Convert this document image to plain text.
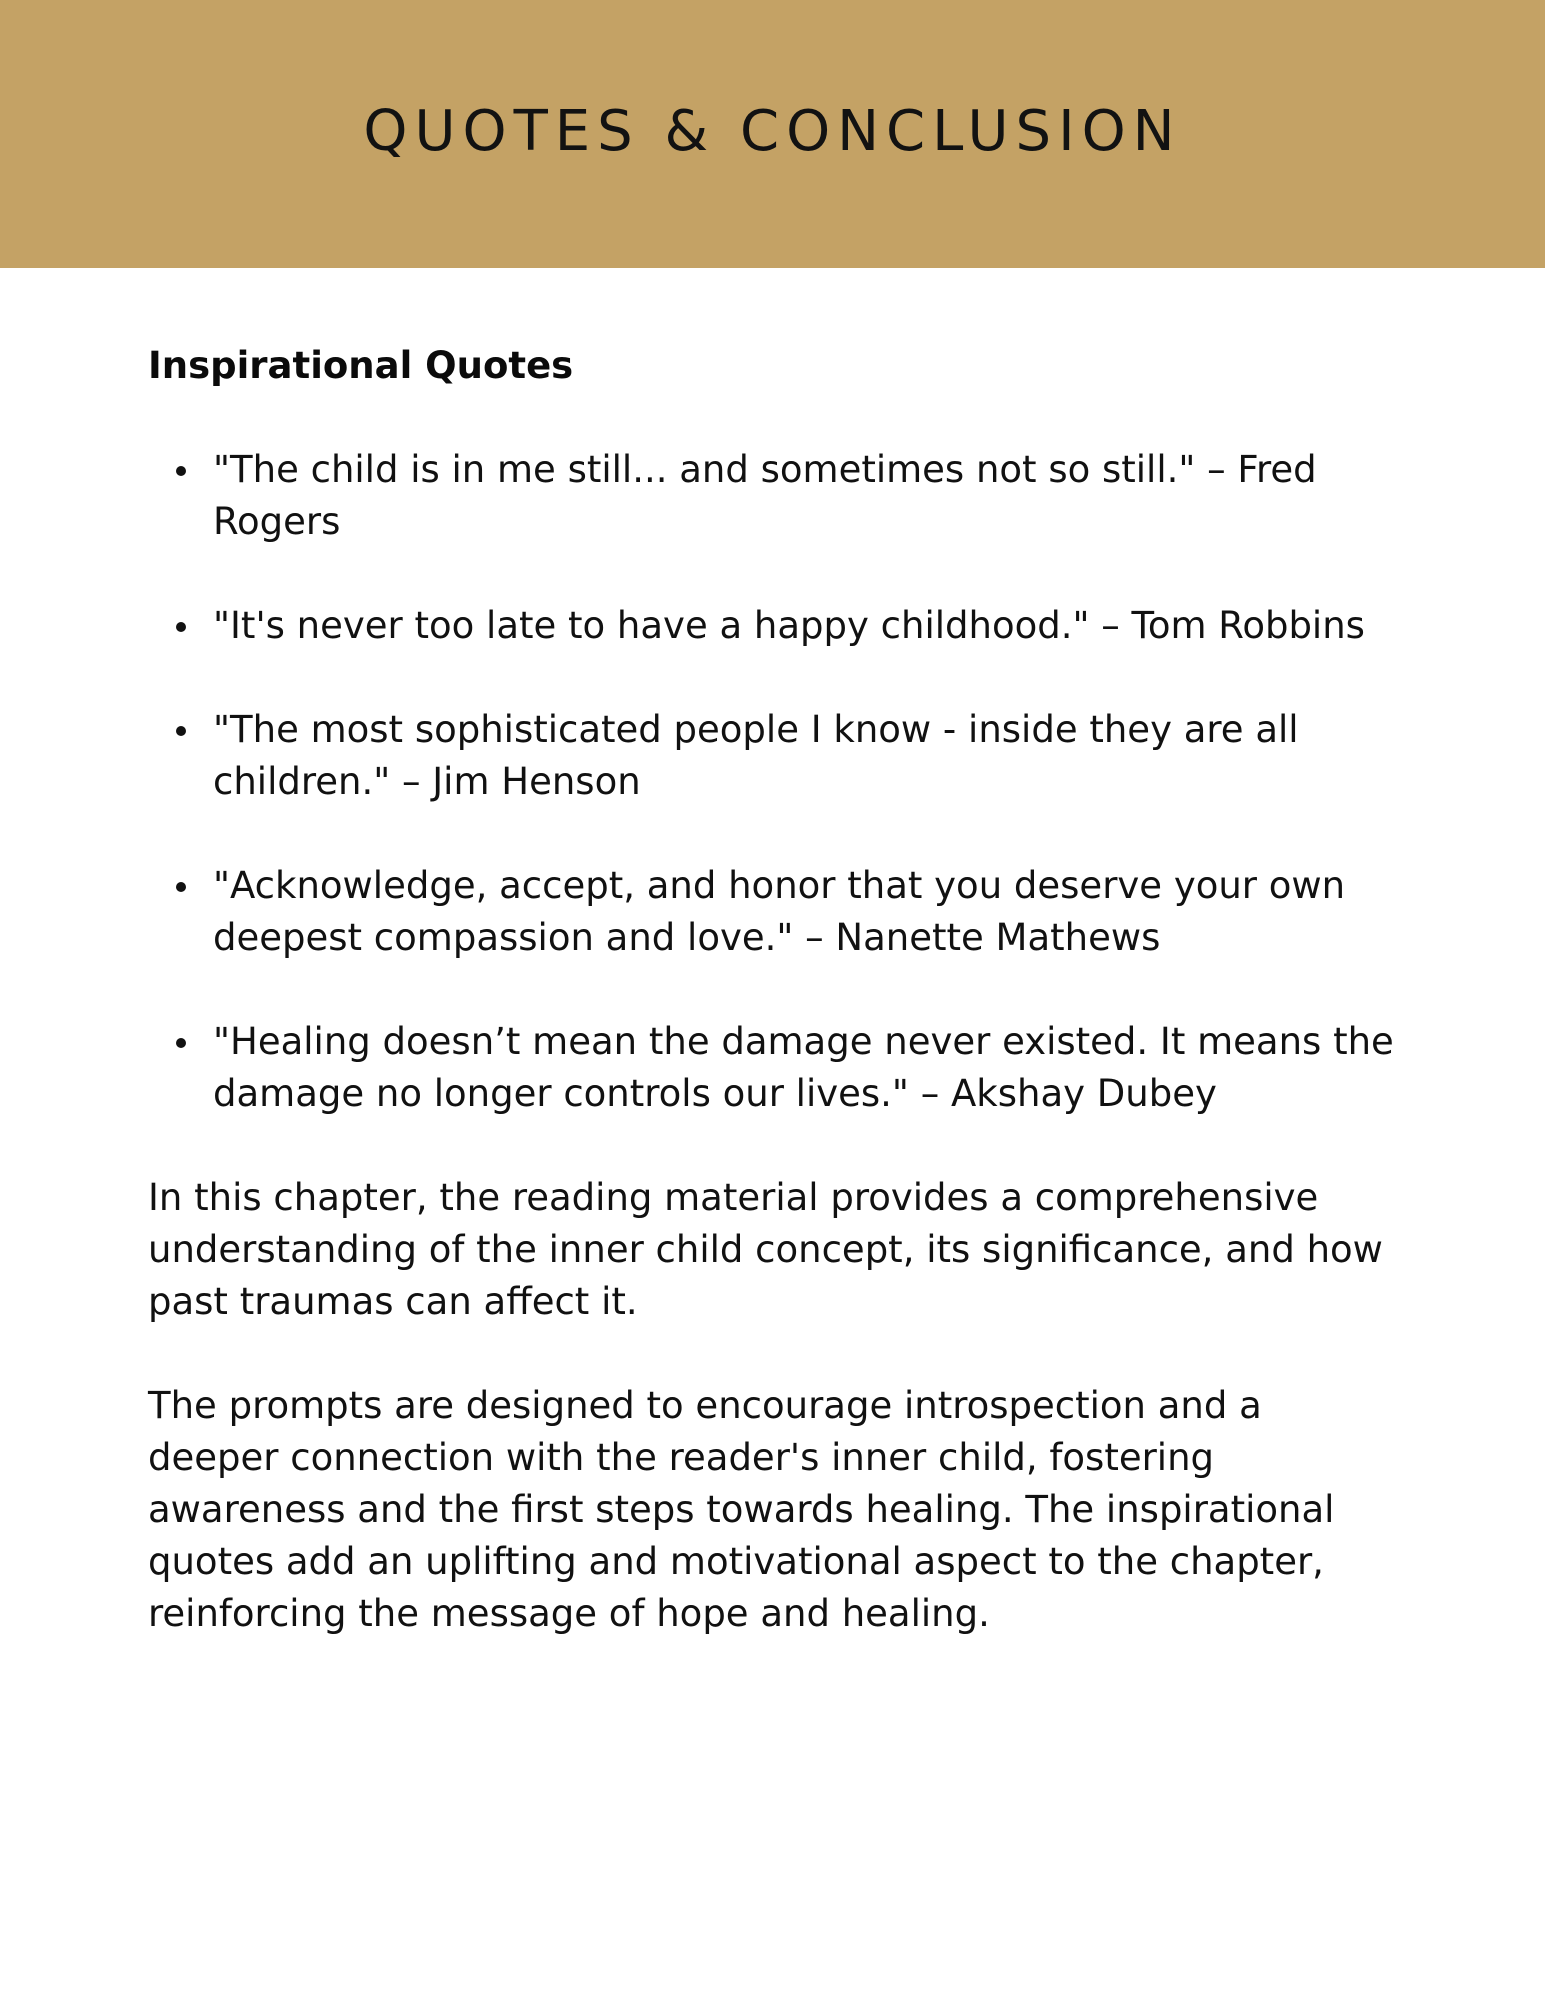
QUOTES & CONCLUSION
Inspirational Quotes
"The child is in me still... and sometimes not so still." – Fred Rogers
"It's never too late to have a happy childhood." – Tom Robbins
"The most sophisticated people I know - inside they are all children." – Jim Henson
"Acknowledge, accept, and honor that you deserve your own deepest compassion and love." – Nanette Mathews
"Healing doesn’t mean the damage never existed. It means the damage no longer controls our lives." – Akshay Dubey

In this chapter, the reading material provides a comprehensive understanding of the inner child concept, its significance, and how past traumas can affect it.

The prompts are designed to encourage introspection and a deeper connection with the reader's inner child, fostering awareness and the first steps towards healing. The inspirational quotes add an uplifting and motivational aspect to the chapter, reinforcing the message of hope and healing.
